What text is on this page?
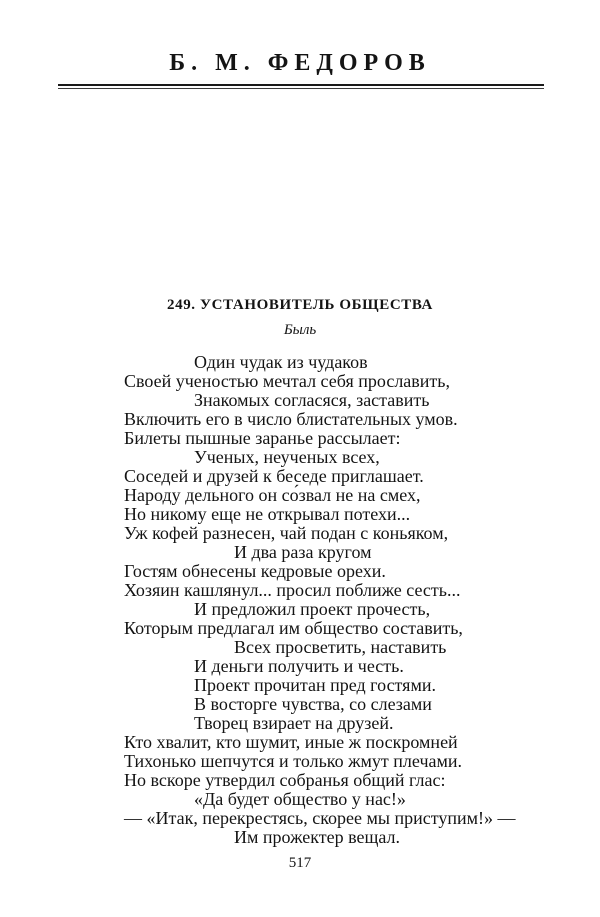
Б. М. ФЕДОРОВ
249. УСТАНОВИТЕЛЬ ОБЩЕСТВА
Быль
Один чудак из чудаков
Своей ученостью мечтал себя прославить,
Знакомых согласяся, заставить
Включить его в число блистательных умов.
Билеты пышные заранье рассылает:
Ученых, неученых всех,
Соседей и друзей к беседе приглашает.
Народу дельного он со́звал не на смех,
Но никому еще не открывал потехи...
Уж кофей разнесен, чай подан с коньяком,
И два раза кругом
Гостям обнесены кедровые орехи.
Хозяин кашлянул... просил поближе сесть...
И предложил проект прочесть,
Которым предлагал им общество составить,
Всех просветить, наставить
И деньги получить и честь.
Проект прочитан пред гостями.
В восторге чувства, со слезами
Творец взирает на друзей.
Кто хвалит, кто шумит, иные ж поскромней
Тихонько шепчутся и только жмут плечами.
Но вскоре утвердил собранья общий глас:
«Да будет общество у нас!»
— «Итак, перекрестясь, скорее мы приступим!» —
Им прожектер вещал.
517
